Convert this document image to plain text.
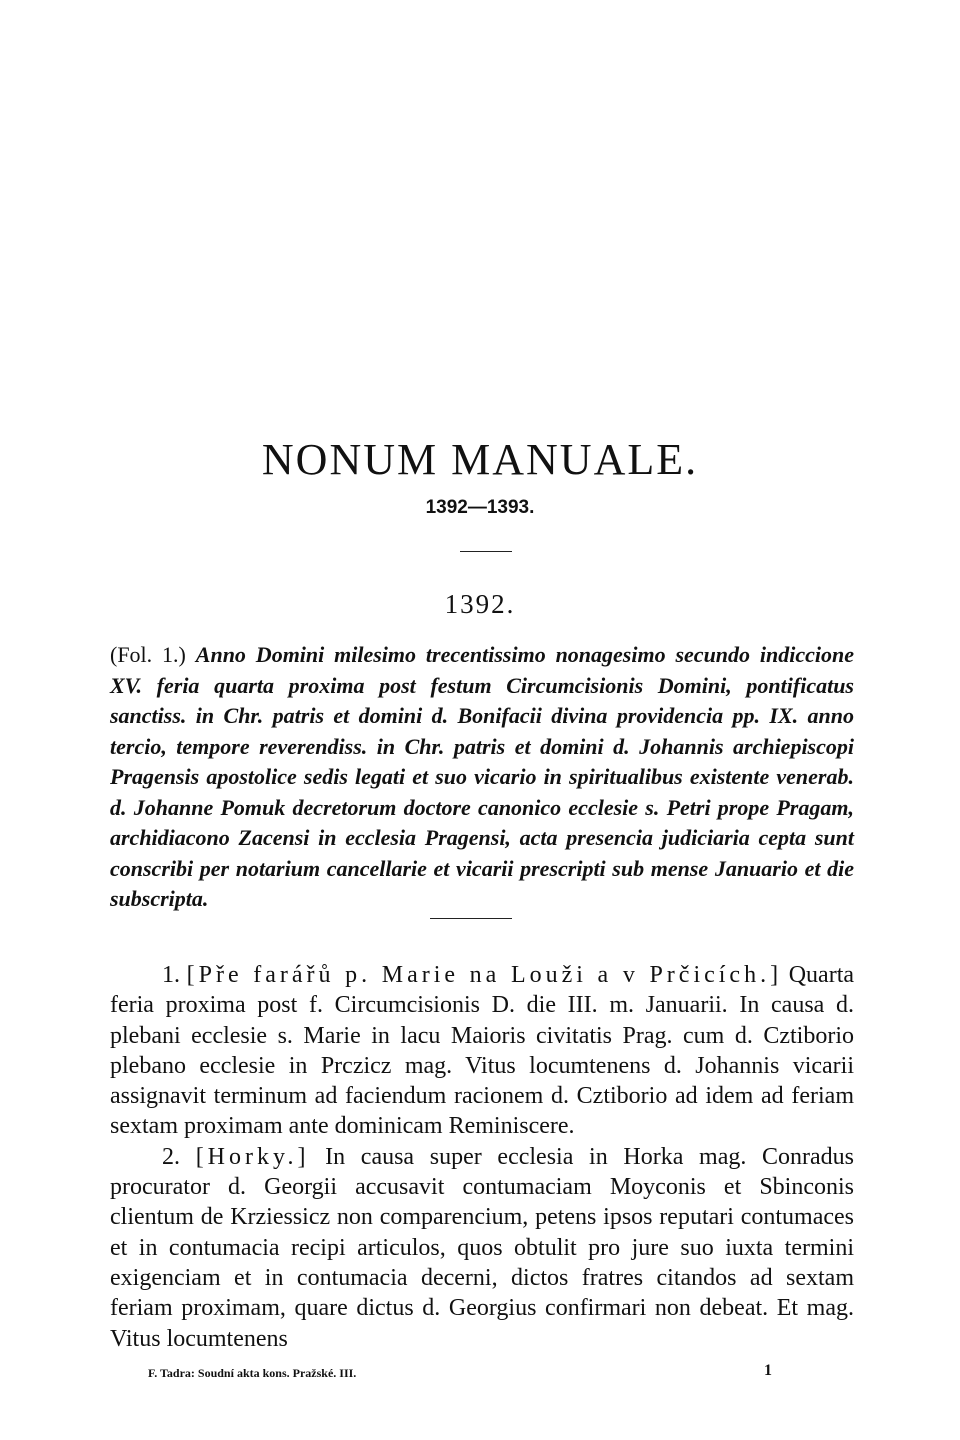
NONUM MANUALE.
1392—1393.
1392.
(Fol. 1.) Anno Domini milesimo trecentissimo nonagesimo secundo indiccione XV. feria quarta proxima post festum Circumcisionis Domini, pontificatus sanctiss. in Chr. patris et domini d. Bonifacii divina providencia pp. IX. anno tercio, tempore reverendiss. in Chr. patris et domini d. Johannis archiepiscopi Pragensis apostolice sedis legati et suo vicario in spiritualibus existente venerab. d. Johanne Pomuk decretorum doctore canonico ecclesie s. Petri prope Pragam, archidiacono Zacensi in ecclesia Pragensi, acta presencia judiciaria cepta sunt conscribi per notarium cancellarie et vicarii prescripti sub mense Januario et die subscripta.

1. [Pře farářů p. Marie na Louži a v Prčicích.] Quarta feria proxima post f. Circumcisionis D. die III. m. Januarii. In causa d. plebani ecclesie s. Marie in lacu Maioris civitatis Prag. cum d. Cztiborio plebano ecclesie in Prczicz mag. Vitus locumtenens d. Johannis vicarii assignavit terminum ad faciendum racionem d. Cztiborio ad idem ad feriam sextam proximam ante dominicam Reminiscere.

2. [Horky.] In causa super ecclesia in Horka mag. Conradus procurator d. Georgii accusavit contumaciam Moyconis et Sbinconis clientum de Krziessicz non comparencium, petens ipsos reputari contumaces et in contumacia recipi articulos, quos obtulit pro jure suo iuxta termini exigenciam et in contumacia decerni, dictos fratres citandos ad sextam feriam proximam, quare dictus d. Georgius confirmari non debeat. Et mag. Vitus locumtenens

F. Tadra: Soudní akta kons. Pražské. III.	1
